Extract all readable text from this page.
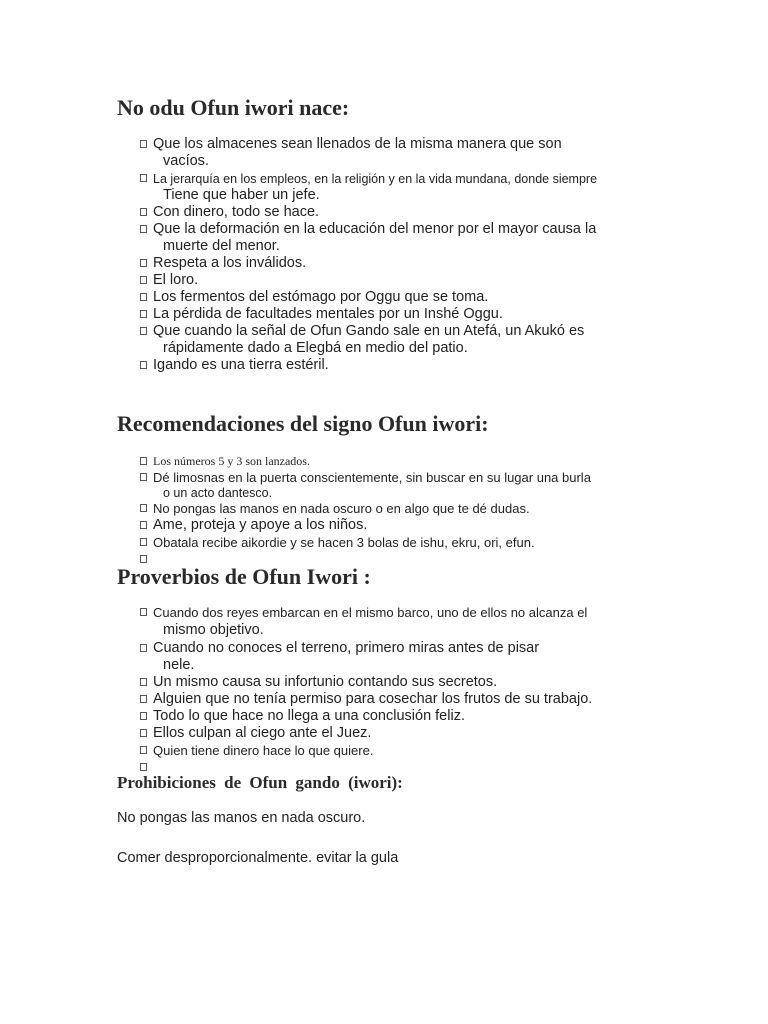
No odu Ofun iwori nace:
Que los almacenes sean llenados de la misma manera que son
vacíos.
La jerarquía en los empleos, en la religión y en la vida mundana, donde siempre
Tiene que haber un jefe.
Con dinero, todo se hace.
Que la deformación en la educación del menor por el mayor causa la
muerte del menor.
Respeta a los inválidos.
El loro.
Los fermentos del estómago por Oggu que se toma.
La pérdida de facultades mentales por un Inshé Oggu.
Que cuando la señal de Ofun Gando sale en un Atefá, un Akukó es
rápidamente dado a Elegbá en medio del patio.
Igando es una tierra estéril.
Recomendaciones del signo Ofun iwori:
Los números 5 y 3 son lanzados.
Dé limosnas en la puerta conscientemente, sin buscar en su lugar una burla
o un acto dantesco.
No pongas las manos en nada oscuro o en algo que te dé dudas.
Ame, proteja y apoye a los niños.
Obatala recibe aikordie y se hacen 3 bolas de ishu, ekru, ori, efun.
Proverbios de Ofun Iwori :
Cuando dos reyes embarcan en el mismo barco, uno de ellos no alcanza el
mismo objetivo.
Cuando no conoces el terreno, primero miras antes de pisar
nele.
Un mismo causa su infortunio contando sus secretos.
Alguien que no tenía permiso para cosechar los frutos de su trabajo.
Todo lo que hace no llega a una conclusión feliz.
Ellos culpan al ciego ante el Juez.
Quien tiene dinero hace lo que quiere.
Prohibiciones de Ofun gando (iwori):

No pongas las manos en nada oscuro.

Comer desproporcionalmente. evitar la gula
